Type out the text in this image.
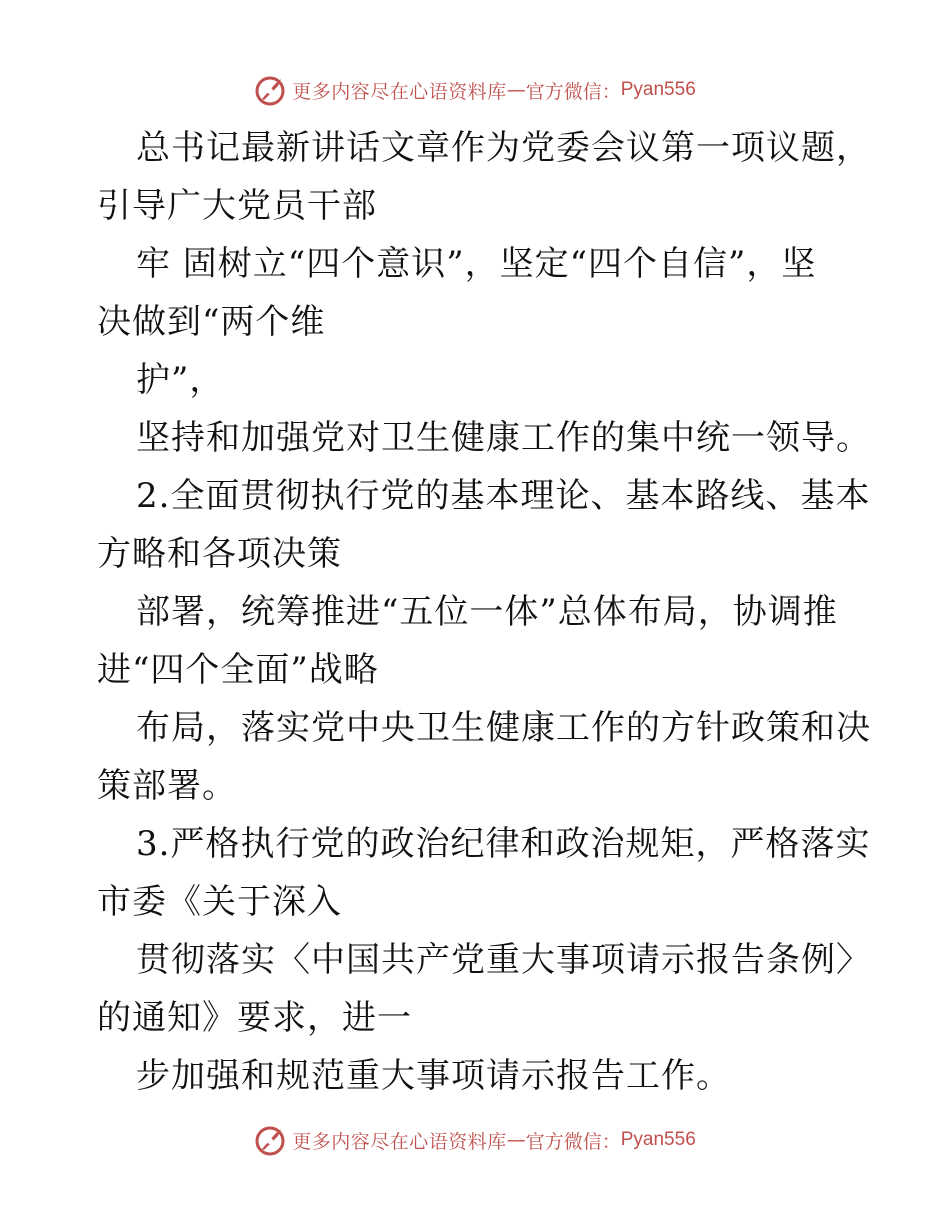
更多内容尽在心语资料库 — 官方微信： Pyan556
总书记最新讲话文章作为党委会议第一项议题，
引导广大党员干部
牢 固树立“四个意识”，坚定“四个自信”，坚
决做到“两个维
护”，
坚持和加强党对卫生健康工作的集中统一领导。
2.全面贯彻执行党的基本理论、基本路线、基本
方略和各项决策
部署，统筹推进“五位一体”总体布局，协调推
进“四个全面”战略
布局，落实党中央卫生健康工作的方针政策和决
策部署。
3.严格执行党的政治纪律和政治规矩，严格落实
市委《关于深入
贯彻落实〈中国共产党重大事项请示报告条例〉
的通知》要求，进一
步加强和规范重大事项请示报告工作。
更多内容尽在心语资料库 — 官方微信： Pyan556
